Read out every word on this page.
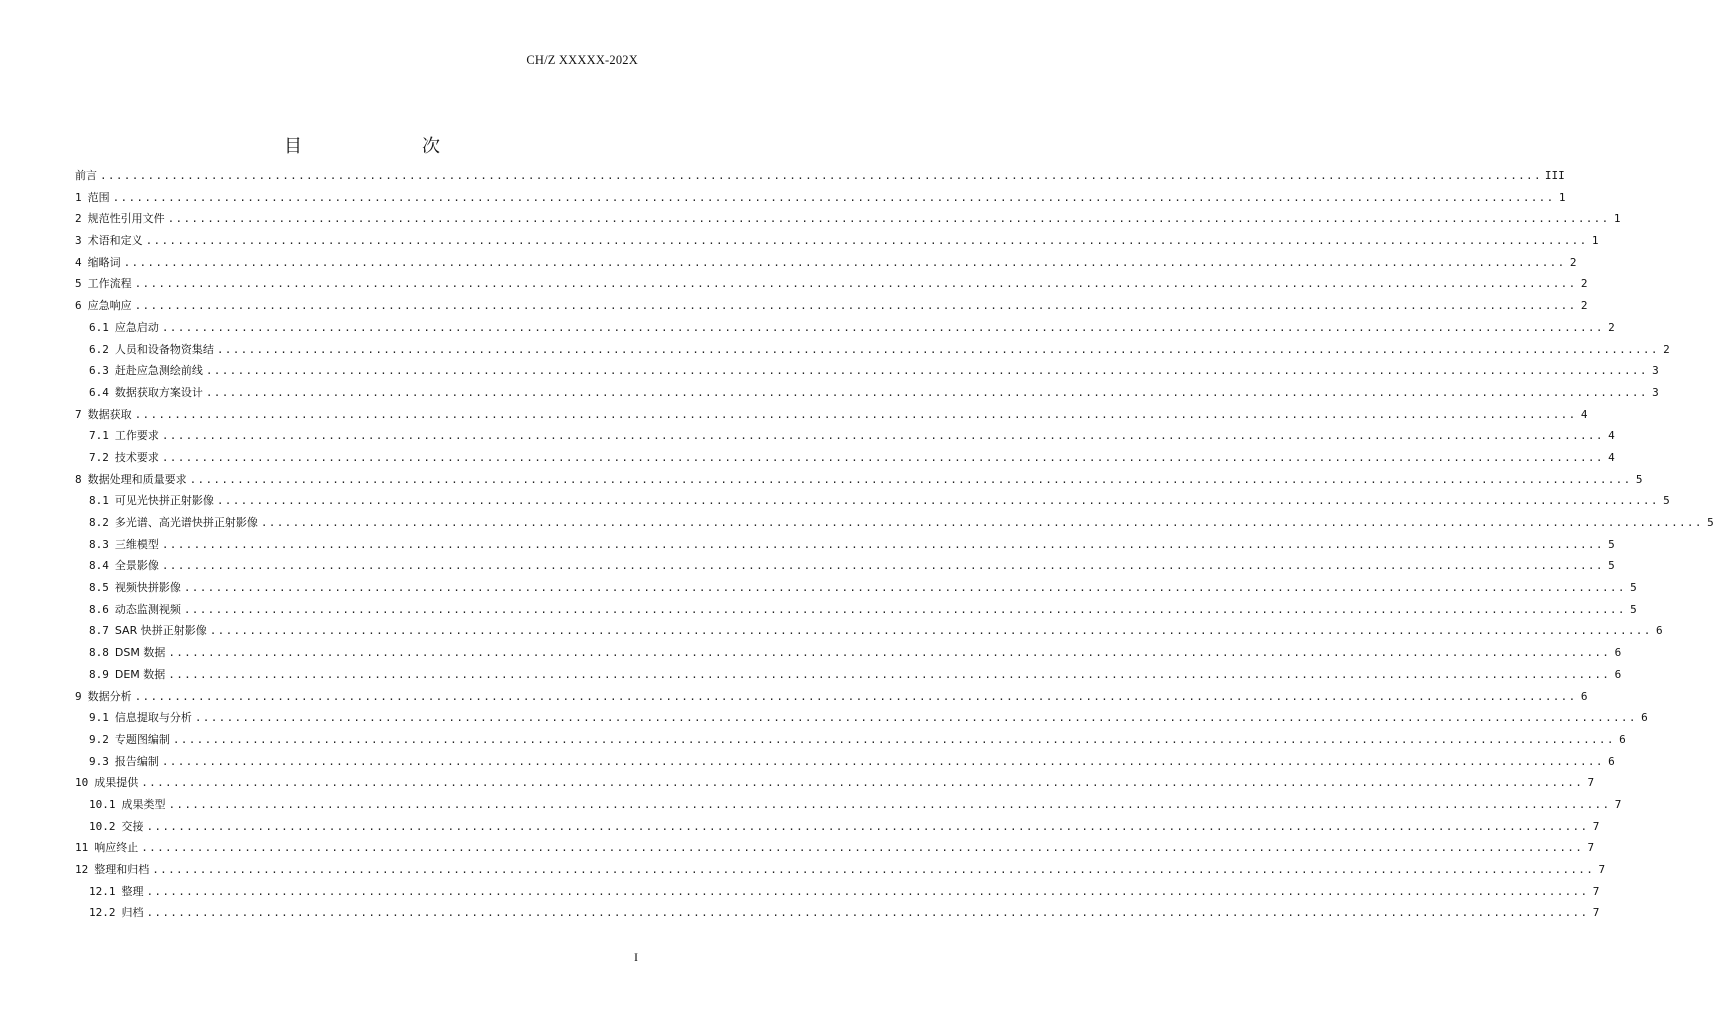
CH/Z XXXXX-202X
目　　次
前言 .....	III
1 范围 .....	1
2 规范性引用文件 .....	1
3 术语和定义 .....	1
4 缩略词 .....	2
5 工作流程 .....	2
6 应急响应 .....	2
6.1 应急启动 .....	2
6.2 人员和设备物资集结 .....	2
6.3 赶赴应急测绘前线 .....	3
6.4 数据获取方案设计 .....	3
7 数据获取 .....	4
7.1 工作要求 .....	4
7.2 技术要求 .....	4
8 数据处理和质量要求 .....	5
8.1 可见光快拼正射影像 .....	5
8.2 多光谱、高光谱快拼正射影像 .....	5
8.3 三维模型 .....	5
8.4 全景影像 .....	5
8.5 视频快拼影像 .....	5
8.6 动态监测视频 .....	5
8.7 SAR 快拼正射影像 .....	6
8.8 DSM 数据 .....	6
8.9 DEM 数据 .....	6
9 数据分析 .....	6
9.1 信息提取与分析 .....	6
9.2 专题图编制 .....	6
9.3 报告编制 .....	6
10 成果提供 .....	7
10.1 成果类型 .....	7
10.2 交接 .....	7
11 响应终止 .....	7
12 整理和归档 .....	7
12.1 整理 .....	7
12.2 归档 .....	7
I
